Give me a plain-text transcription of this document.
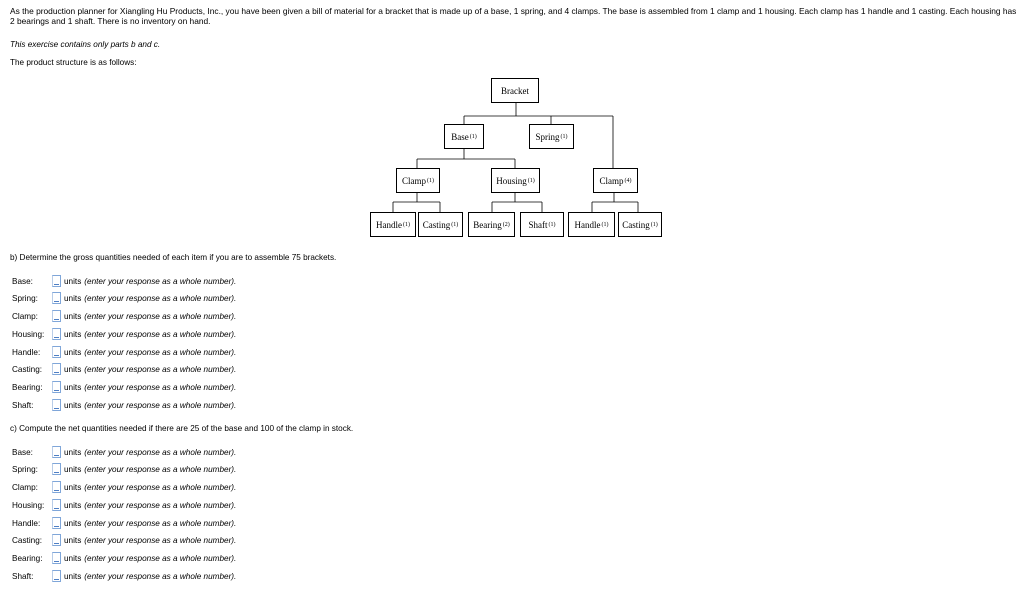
As the production planner for Xiangling Hu Products, Inc., you have been given a bill of material for a bracket that is made up of a base, 1 spring, and 4 clamps. The base is assembled from 1 clamp and 1 housing. Each clamp has 1 handle and 1 casting. Each housing has 2 bearings and 1 shaft. There is no inventory on hand.
This exercise contains only parts b and c.
The product structure is as follows:
Bracket
Base (1)	Spring (1)
Clamp (1)	Housing (1)	Clamp (4)
Handle (1) Casting (1) Bearing (2) Shaft (1) Handle (1) Casting (1)
b) Determine the gross quantities needed of each item if you are to assemble 75 brackets.
Base:	units (enter your response as a whole number).
Spring:	units (enter your response as a whole number).
Clamp:	units (enter your response as a whole number).
Housing:	units (enter your response as a whole number).
Handle:	units (enter your response as a whole number).
Casting:	units (enter your response as a whole number).
Bearing:	units (enter your response as a whole number).
Shaft:	units (enter your response as a whole number).
c) Compute the net quantities needed if there are 25 of the base and 100 of the clamp in stock.
Base:	units (enter your response as a whole number).
Spring:	units (enter your response as a whole number).
Clamp:	units (enter your response as a whole number).
Housing:	units (enter your response as a whole number).
Handle:	units (enter your response as a whole number).
Casting:	units (enter your response as a whole number).
Bearing:	units (enter your response as a whole number).
Shaft:	units (enter your response as a whole number).
